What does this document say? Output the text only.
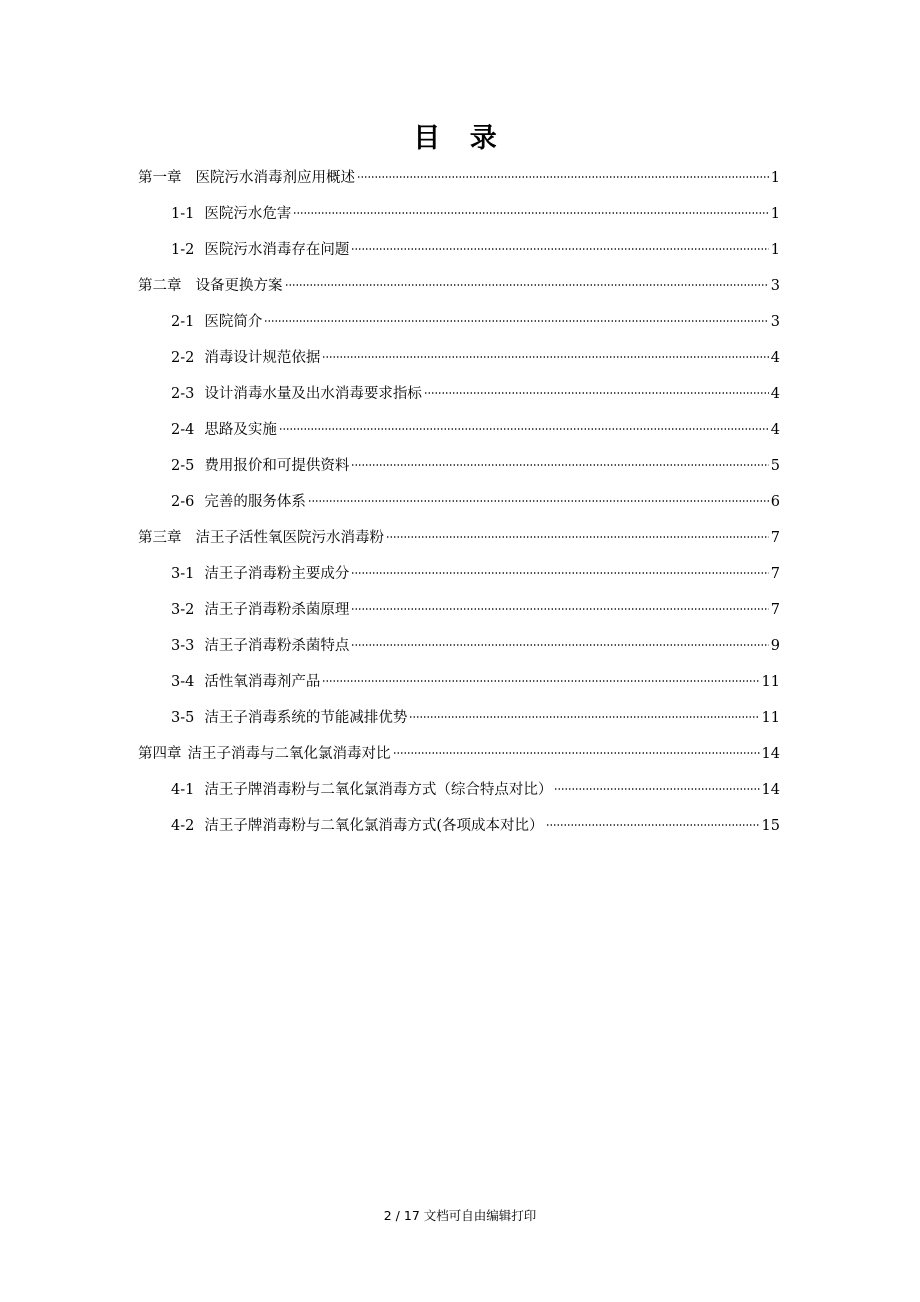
目 录
第一章 医院污水消毒剂应用概述	1
1-1 医院污水危害	1
1-2 医院污水消毒存在问题	1
第二章 设备更换方案	3
2-1 医院简介	3
2-2 消毒设计规范依据	4
2-3 设计消毒水量及出水消毒要求指标	4
2-4 思路及实施	4
2-5 费用报价和可提供资料	5
2-6 完善的服务体系	6
第三章 洁王子活性氧医院污水消毒粉	7
3-1 洁王子消毒粉主要成分	7
3-2 洁王子消毒粉杀菌原理	7
3-3 洁王子消毒粉杀菌特点	9
3-4 活性氧消毒剂产品	11
3-5 洁王子消毒系统的节能减排优势	11
第四章 洁王子消毒与二氧化氯消毒对比	14
4-1 洁王子牌消毒粉与二氧化氯消毒方式（综合特点对比）	14
4-2 洁王子牌消毒粉与二氧化氯消毒方式(各项成本对比）	15
2 / 17 文档可自由编辑打印
